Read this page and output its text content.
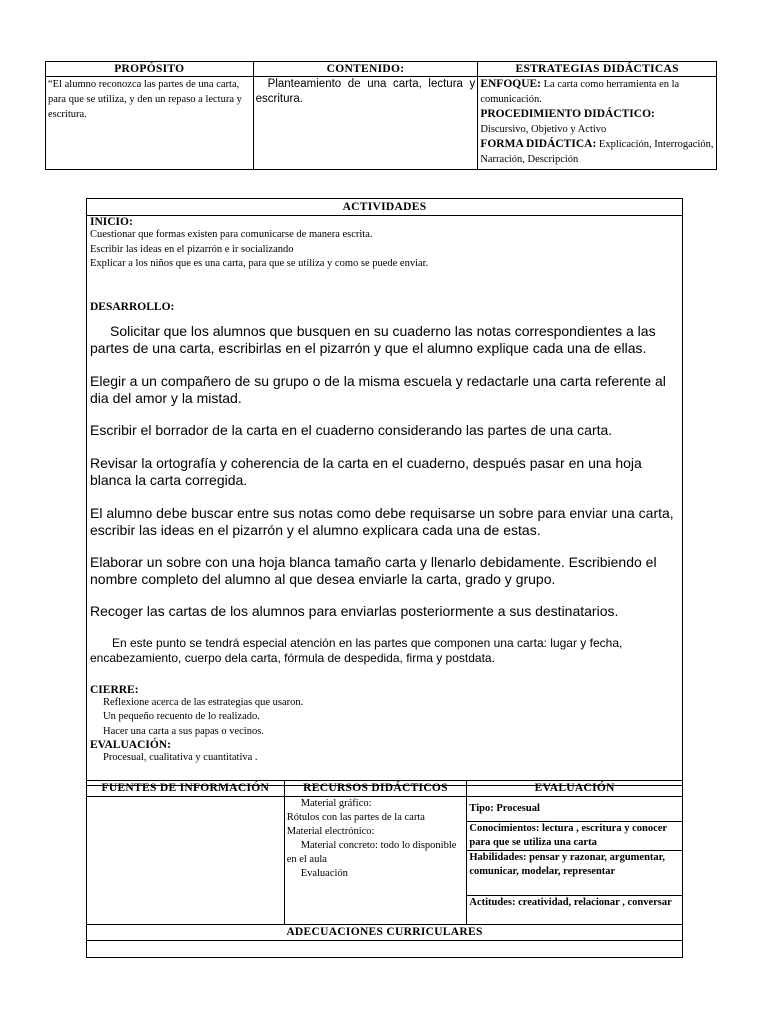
PROPÓSITO	CONTENIDO:	ESTRATEGIAS DIDÁCTICAS
“El alumno reconozca las partes de una carta, para que se utiliza, y den un repaso a lectura y escritura.	Planteamiento de una carta, lectura y escritura.	ENFOQUE: La carta como herramienta en la comunicación.
PROCEDIMIENTO DIDÁCTICO:
Discursivo, Objetivo y Activo
FORMA DIDÁCTICA: Explicación, Interrogación, Narración, Descripción
ACTIVIDADES
INICIO:
Cuestionar que formas existen para comunicarse de manera escrita.
Escribir las ideas en el pizarrón e ir socializando
Explicar a los niños que es una carta, para que se utiliza y como se puede enviar.
DESARROLLO:

Solicitar que los alumnos que busquen en su cuaderno las notas correspondientes a las partes de una carta, escribirlas en el pizarrón y que el alumno explique cada una de ellas.

Elegir a un compañero de su grupo o de la misma escuela y redactarle una carta referente al dia del amor y la mistad.

Escribir el borrador de la carta en el cuaderno considerando las partes de una carta.

Revisar la ortografía y coherencia de la carta en el cuaderno, después pasar en una hoja blanca la carta corregida.

El alumno debe buscar entre sus notas como debe requisarse un sobre para enviar una carta, escribir las ideas en el pizarrón y el alumno explicara cada una de estas.

Elaborar un sobre con una hoja blanca tamaño carta y llenarlo debidamente. Escribiendo el nombre completo del alumno al que desea enviarle la carta, grado y grupo.

Recoger las cartas de los alumnos para enviarlas posteriormente a sus destinatarios.

En este punto se tendrá especial atención en las partes que componen una carta: lugar y fecha, encabezamiento, cuerpo dela carta, fórmula de despedida, firma y postdata.

CIERRE:
Reflexione acerca de las estrategias que usaron.
Un pequeño recuento de lo realizado.
Hacer una carta a sus papas o vecinos.
EVALUACIÓN:
Procesual, cualitativa y cuantitativa .
FUENTES DE INFORMACIÓN	RECURSOS DIDÁCTICOS	EVALUACIÓN

	Material gráfico:
Rótulos con las partes de la carta
Material electrónico:
Material concreto: todo lo disponible en el aula
Evaluación	Tipo: Procesual
		Conocimientos: lectura , escritura y conocer para que se utiliza una carta
		Habilidades: pensar y razonar, argumentar, comunicar, modelar, representar
		Actitudes: creatividad, relacionar , conversar
ADECUACIONES CURRICULARES		
